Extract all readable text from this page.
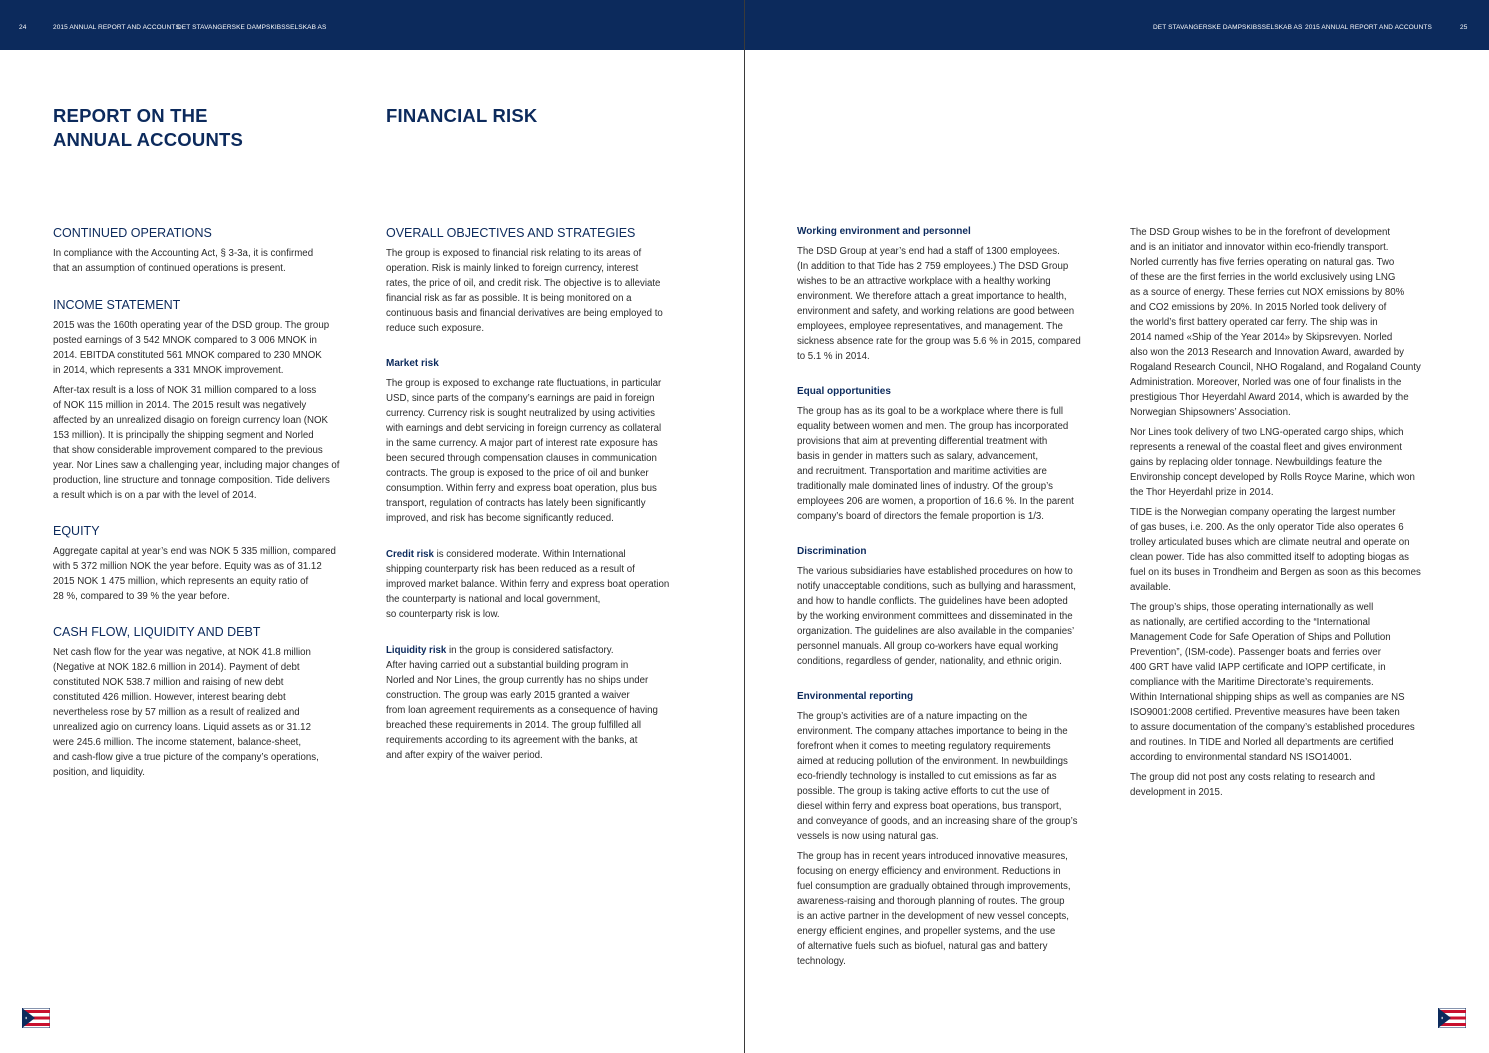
24	2015 ANNUAL REPORT AND ACCOUNTS
DET STAVANGERSKE DAMPSKIBSSELSKAB AS
REPORT ON THE
ANNUAL ACCOUNTS
FINANCIAL RISK
CONTINUED OPERATIONS
In compliance with the Accounting Act, § 3-3a, it is confirmed
that an assumption of continued operations is present.
INCOME STATEMENT
2015 was the 160th operating year of the DSD group. The group
posted earnings of 3 542 MNOK compared to 3 006 MNOK in
2014. EBITDA constituted 561 MNOK compared to 230 MNOK
in 2014, which represents a 331 MNOK improvement.
After-tax result is a loss of NOK 31 million compared to a loss
of NOK 115 million in 2014. The 2015 result was negatively
affected by an unrealized disagio on foreign currency loan (NOK
153 million). It is principally the shipping segment and Norled
that show considerable improvement compared to the previous
year. Nor Lines saw a challenging year, including major changes of
production, line structure and tonnage composition. Tide delivers
a result which is on a par with the level of 2014.
EQUITY
Aggregate capital at year’s end was NOK 5 335 million, compared
with 5 372 million NOK the year before. Equity was as of 31.12
2015 NOK 1 475 million, which represents an equity ratio of
28 %, compared to 39 % the year before.
CASH FLOW, LIQUIDITY AND DEBT
Net cash flow for the year was negative, at NOK 41.8 million
(Negative at NOK 182.6 million in 2014). Payment of debt
constituted NOK 538.7 million and raising of new debt
constituted 426 million. However, interest bearing debt
nevertheless rose by 57 million as a result of realized and
unrealized agio on currency loans. Liquid assets as or 31.12
were 245.6 million. The income statement, balance-sheet,
and cash-flow give a true picture of the company’s operations,
position, and liquidity.
OVERALL OBJECTIVES AND STRATEGIES
The group is exposed to financial risk relating to its areas of
operation. Risk is mainly linked to foreign currency, interest
rates, the price of oil, and credit risk. The objective is to alleviate
financial risk as far as possible. It is being monitored on a
continuous basis and financial derivatives are being employed to
reduce such exposure.
Market risk
The group is exposed to exchange rate fluctuations, in particular
USD, since parts of the company’s earnings are paid in foreign
currency. Currency risk is sought neutralized by using activities
with earnings and debt servicing in foreign currency as collateral
in the same currency. A major part of interest rate exposure has
been secured through compensation clauses in communication
contracts. The group is exposed to the price of oil and bunker
consumption. Within ferry and express boat operation, plus bus
transport, regulation of contracts has lately been significantly
improved, and risk has become significantly reduced.
Credit risk is considered moderate. Within International
shipping counterparty risk has been reduced as a result of
improved market balance. Within ferry and express boat operation
the counterparty is national and local government,
so counterparty risk is low.
Liquidity risk in the group is considered satisfactory.
After having carried out a substantial building program in
Norled and Nor Lines, the group currently has no ships under
construction. The group was early 2015 granted a waiver
from loan agreement requirements as a consequence of having
breached these requirements in 2014. The group fulfilled all
requirements according to its agreement with the banks, at
and after expiry of the waiver period.
DET STAVANGERSKE DAMPSKIBSSELSKAB AS 2015 ANNUAL REPORT AND ACCOUNTS	25
Working environment and personnel
The DSD Group at year’s end had a staff of 1300 employees.
(In addition to that Tide has 2 759 employees.) The DSD Group
wishes to be an attractive workplace with a healthy working
environment. We therefore attach a great importance to health,
environment and safety, and working relations are good between
employees, employee representatives, and management. The
sickness absence rate for the group was 5.6 % in 2015, compared
to 5.1 % in 2014.
Equal opportunities
The group has as its goal to be a workplace where there is full
equality between women and men. The group has incorporated
provisions that aim at preventing differential treatment with
basis in gender in matters such as salary, advancement,
and recruitment. Transportation and maritime activities are
traditionally male dominated lines of industry. Of the group’s
employees 206 are women, a proportion of 16.6 %. In the parent
company’s board of directors the female proportion is 1/3.
Discrimination
The various subsidiaries have established procedures on how to
notify unacceptable conditions, such as bullying and harassment,
and how to handle conflicts. The guidelines have been adopted
by the working environment committees and disseminated in the
organization. The guidelines are also available in the companies’
personnel manuals. All group co-workers have equal working
conditions, regardless of gender, nationality, and ethnic origin.
Environmental reporting
The group’s activities are of a nature impacting on the
environment. The company attaches importance to being in the
forefront when it comes to meeting regulatory requirements
aimed at reducing pollution of the environment. In newbuildings
eco-friendly technology is installed to cut emissions as far as
possible. The group is taking active efforts to cut the use of
diesel within ferry and express boat operations, bus transport,
and conveyance of goods, and an increasing share of the group’s
vessels is now using natural gas.
The group has in recent years introduced innovative measures,
focusing on energy efficiency and environment. Reductions in
fuel consumption are gradually obtained through improvements,
awareness-raising and thorough planning of routes. The group
is an active partner in the development of new vessel concepts,
energy efficient engines, and propeller systems, and the use
of alternative fuels such as biofuel, natural gas and battery
technology.
The DSD Group wishes to be in the forefront of development
and is an initiator and innovator within eco-friendly transport.
Norled currently has five ferries operating on natural gas. Two
of these are the first ferries in the world exclusively using LNG
as a source of energy. These ferries cut NOX emissions by 80%
and CO2 emissions by 20%. In 2015 Norled took delivery of
the world’s first battery operated car ferry. The ship was in
2014 named «Ship of the Year 2014» by Skipsrevyen. Norled
also won the 2013 Research and Innovation Award, awarded by
Rogaland Research Council, NHO Rogaland, and Rogaland County
Administration. Moreover, Norled was one of four finalists in the
prestigious Thor Heyerdahl Award 2014, which is awarded by the
Norwegian Shipsowners’ Association.
Nor Lines took delivery of two LNG-operated cargo ships, which
represents a renewal of the coastal fleet and gives environment
gains by replacing older tonnage. Newbuildings feature the
Environship concept developed by Rolls Royce Marine, which won
the Thor Heyerdahl prize in 2014.
TIDE is the Norwegian company operating the largest number
of gas buses, i.e. 200. As the only operator Tide also operates 6
trolley articulated buses which are climate neutral and operate on
clean power. Tide has also committed itself to adopting biogas as
fuel on its buses in Trondheim and Bergen as soon as this becomes
available.
The group’s ships, those operating internationally as well
as nationally, are certified according to the “International
Management Code for Safe Operation of Ships and Pollution
Prevention”, (ISM-code). Passenger boats and ferries over
400 GRT have valid IAPP certificate and IOPP certificate, in
compliance with the Maritime Directorate’s requirements.
Within International shipping ships as well as companies are NS
ISO9001:2008 certified. Preventive measures have been taken
to assure documentation of the company’s established procedures
and routines. In TIDE and Norled all departments are certified
according to environmental standard NS ISO14001.
The group did not post any costs relating to research and
development in 2015.
